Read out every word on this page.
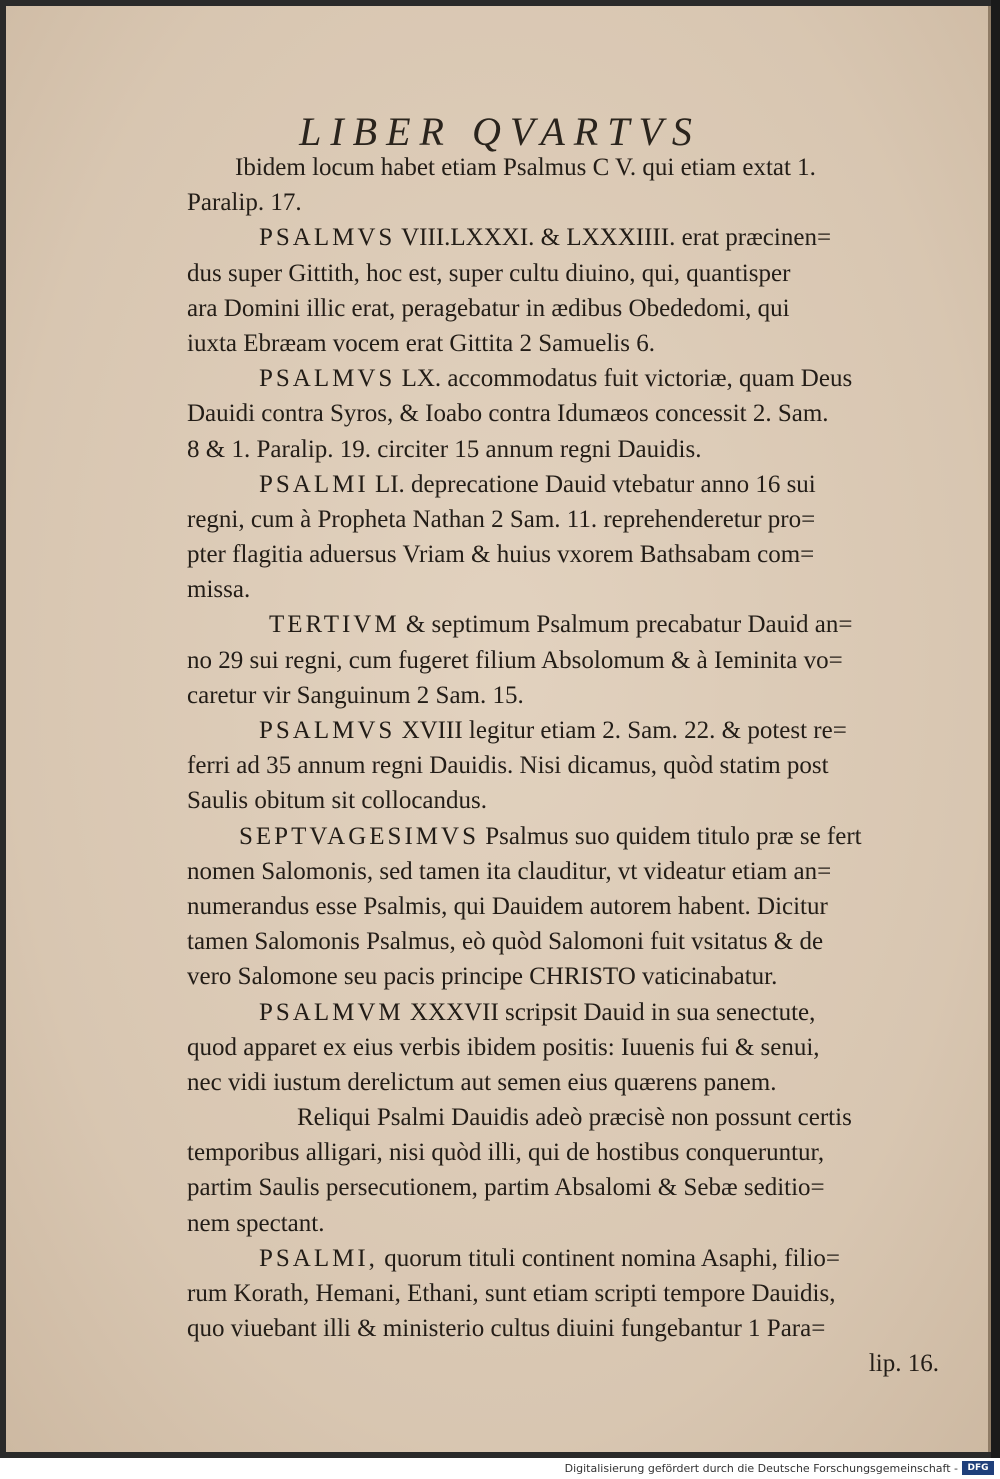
LIBER QVARTVS
Ibidem locum habet etiam Psalmus C V. qui etiam extat 1.
Paralip. 17.
PSALMVS VIII.LXXXI. & LXXXIIII. erat præcinen=
dus super Gittith, hoc est, super cultu diuino, qui, quantisper
ara Domini illic erat, peragebatur in ædibus Obededomi, qui
iuxta Ebræam vocem erat Gittita 2 Samuelis 6.
PSALMVS LX. accommodatus fuit victoriæ, quam Deus
Dauidi contra Syros, & Ioabo contra Idumæos concessit 2. Sam.
8 & 1. Paralip. 19. circiter 15 annum regni Dauidis.
PSALMI LI. deprecatione Dauid vtebatur anno 16 sui
regni, cum à Propheta Nathan 2 Sam. 11. reprehenderetur pro=
pter flagitia aduersus Vriam & huius vxorem Bathsabam com=
missa.
TERTIVM & septimum Psalmum precabatur Dauid an=
no 29 sui regni, cum fugeret filium Absolomum & à Ieminita vo=
caretur vir Sanguinum 2 Sam. 15.
PSALMVS XVIII legitur etiam 2. Sam. 22. & potest re=
ferri ad 35 annum regni Dauidis. Nisi dicamus, quòd statim post
Saulis obitum sit collocandus.
SEPTVAGESIMVS Psalmus suo quidem titulo præ se fert
nomen Salomonis, sed tamen ita clauditur, vt videatur etiam an=
numerandus esse Psalmis, qui Dauidem autorem habent. Dicitur
tamen Salomonis Psalmus, eò quòd Salomoni fuit vsitatus & de
vero Salomone seu pacis principe CHRISTO vaticinabatur.
PSALMVM XXXVII scripsit Dauid in sua senectute,
quod apparet ex eius verbis ibidem positis: Iuuenis fui & senui,
nec vidi iustum derelictum aut semen eius quærens panem.
Reliqui Psalmi Dauidis adeò præcisè non possunt certis
temporibus alligari, nisi quòd illi, qui de hostibus conqueruntur,
partim Saulis persecutionem, partim Absalomi & Sebæ seditio=
nem spectant.
PSALMI, quorum tituli continent nomina Asaphi, filio=
rum Korath, Hemani, Ethani, sunt etiam scripti tempore Dauidis,
quo viuebant illi & ministerio cultus diuini fungebantur 1 Para=
lip. 16.
Digitalisierung gefördert durch die Deutsche Forschungsgemeinschaft -	DFG
